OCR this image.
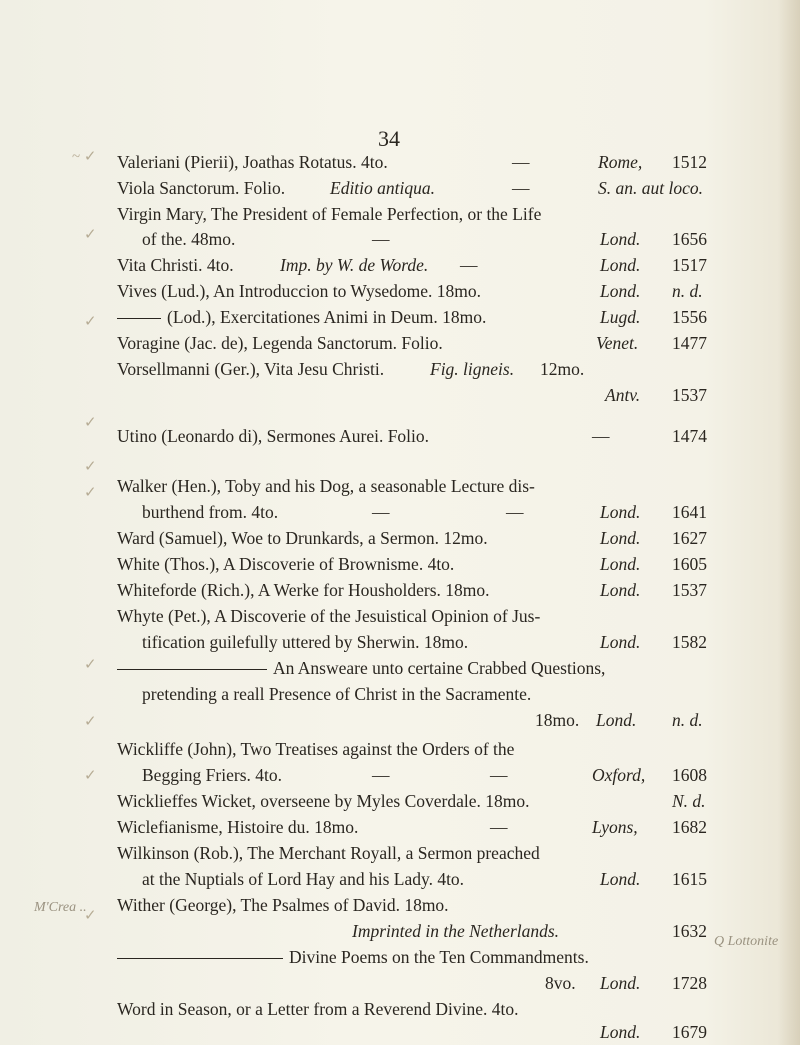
34
~ ✓
✓
✓
✓
✓
✓
✓
✓
✓
✓
M'Crea ..
Q Lottonite
Valeriani (Pierii), Joathas Rotatus. 4to.	—	Rome, 1512
Viola Sanctorum. Folio.	Editio antiqua.	—	S. an. aut loco.
Virgin Mary, The President of Female Perfection, or the Life
of the. 48mo.	—	Lond. 1656
Vita Christi. 4to.	Imp. by W. de Worde. —	Lond. 1517
Vives (Lud.), An Introduccion to Wysedome. 18mo.	Lond. n. d.
(Lod.), Exercitationes Animi in Deum. 18mo.	Lugd. 1556
Voragine (Jac. de), Legenda Sanctorum. Folio.	Venet. 1477
Vorsellmanni (Ger.), Vita Jesu Christi.	Fig. ligneis. 12mo.
Antv. 1537
Utino (Leonardo di), Sermones Aurei. Folio.	—	1474
Walker (Hen.), Toby and his Dog, a seasonable Lecture dis-
burthend from. 4to.	—	—	Lond. 1641
Ward (Samuel), Woe to Drunkards, a Sermon. 12mo.	Lond. 1627
White (Thos.), A Discoverie of Brownisme. 4to.	Lond. 1605
Whiteforde (Rich.), A Werke for Housholders. 18mo.	Lond. 1537
Whyte (Pet.), A Discoverie of the Jesuistical Opinion of Jus-
tification guilefully uttered by Sherwin. 18mo.	Lond. 1582
An Answeare unto certaine Crabbed Questions,
pretending a reall Presence of Christ in the Sacramente.
18mo. Lond. n. d.
Wickliffe (John), Two Treatises against the Orders of the
Begging Friers. 4to.	—	—	Oxford, 1608
Wicklieffes Wicket, overseene by Myles Coverdale. 18mo.	N. d.
Wiclefianisme, Histoire du. 18mo.	—	Lyons, 1682
Wilkinson (Rob.), The Merchant Royall, a Sermon preached
at the Nuptials of Lord Hay and his Lady. 4to.	Lond. 1615
Wither (George), The Psalmes of David. 18mo.
Imprinted in the Netherlands.	1632
Divine Poems on the Ten Commandments.
8vo. Lond. 1728
Word in Season, or a Letter from a Reverend Divine. 4to.
Lond. 1679
